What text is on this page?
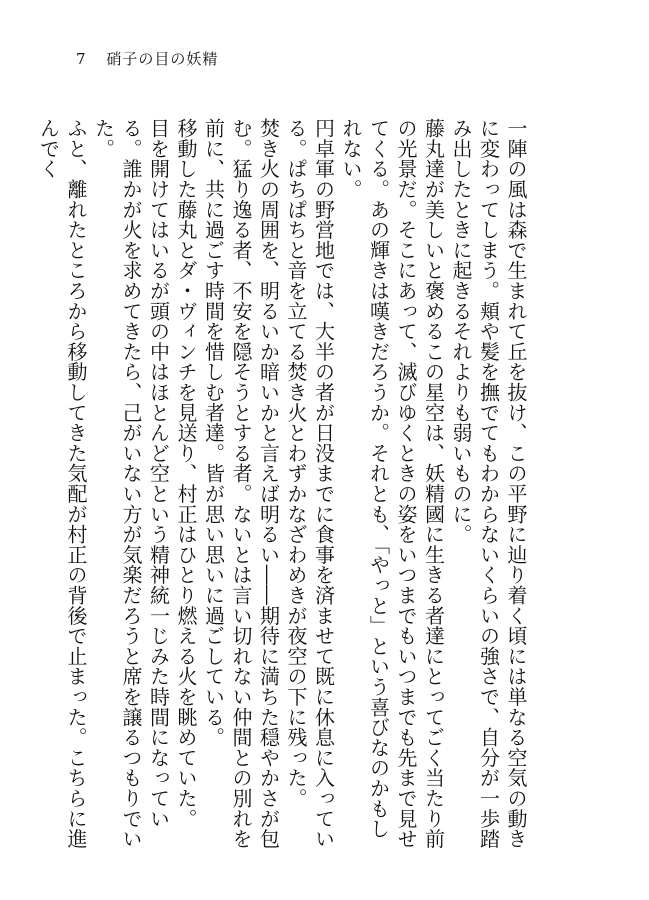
7 硝子の目の妖精

一陣の風は森で生まれて丘を抜け、この平野に辿り着く頃には単なる空気の動きに変わってしまう。頬や髪を撫でてもわからないくらいの強さで、自分が一歩踏み出したときに起きるそれよりも弱いものに。

藤丸達が美しいと褒めるこの星空は、妖精國に生きる者達にとってごく当たり前の光景だ。そこにあって、滅びゆくときの姿をいつまでもいつまでも先まで見せてくる。あの輝きは嘆きだろうか。それとも、「やっと」という喜びなのかもしれない。

円卓軍の野営地では、大半の者が日没までに食事を済ませて既に休息に入っている。ぱちぱちと音を立てる焚き火とわずかなざわめきが夜空の下に残った。

焚き火の周囲を、明るいか暗いかと言えば明るい――期待に満ちた穏やかさが包む。猛り逸る者、不安を隠そうとする者。ないとは言い切れない仲間との別れを前に、共に過ごす時間を惜しむ者達。皆が思い思いに過ごしている。

移動した藤丸とダ・ヴィンチを見送り、村正はひとり燃える火を眺めていた。

目を開けてはいるが頭の中はほとんど空という精神統一じみた時間になっている。誰かが火を求めてきたら、己がいない方が気楽だろうと席を譲るつもりでいた。

ふと、離れたところから移動してきた気配が村正の背後で止まった。こちらに進んでく
